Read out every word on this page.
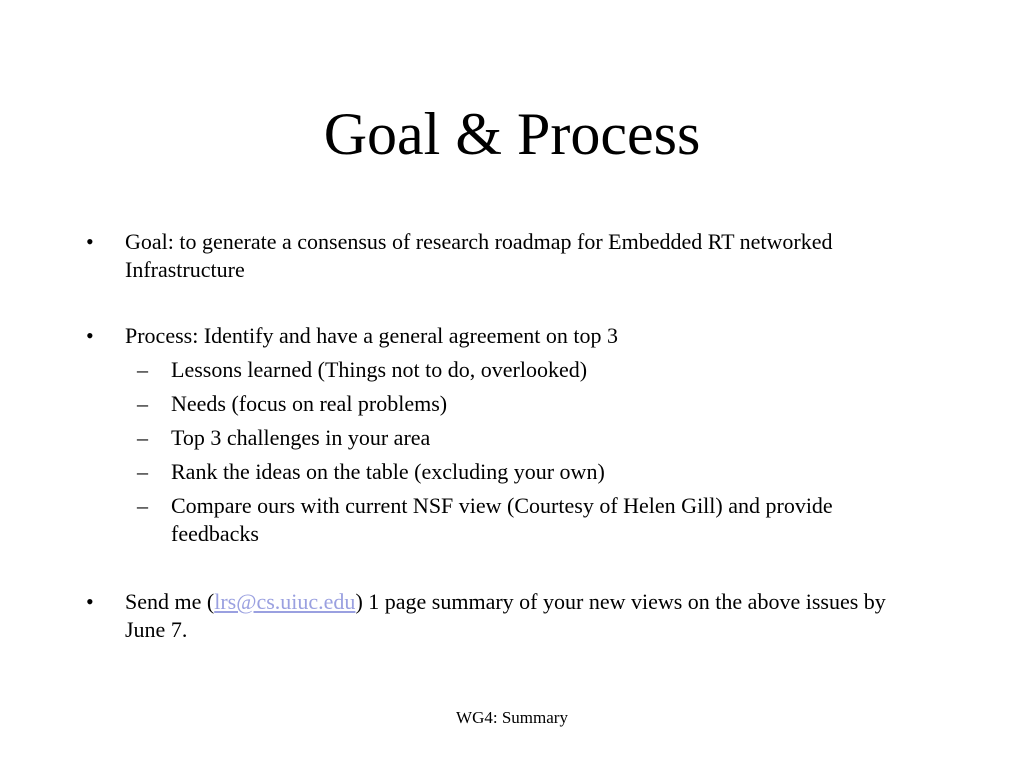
Goal & Process
• Goal: to generate a consensus of research roadmap for Embedded RT networked Infrastructure
• Process: Identify and have a general agreement on top 3
– Lessons learned (Things not to do, overlooked)
– Needs (focus on real problems)
– Top 3 challenges in your area
– Rank the ideas on the table (excluding your own)
– Compare ours with current NSF view (Courtesy of Helen Gill) and provide feedbacks
• Send me (lrs@cs.uiuc.edu) 1 page summary of your new views on the above issues by June 7.
WG4: Summary
